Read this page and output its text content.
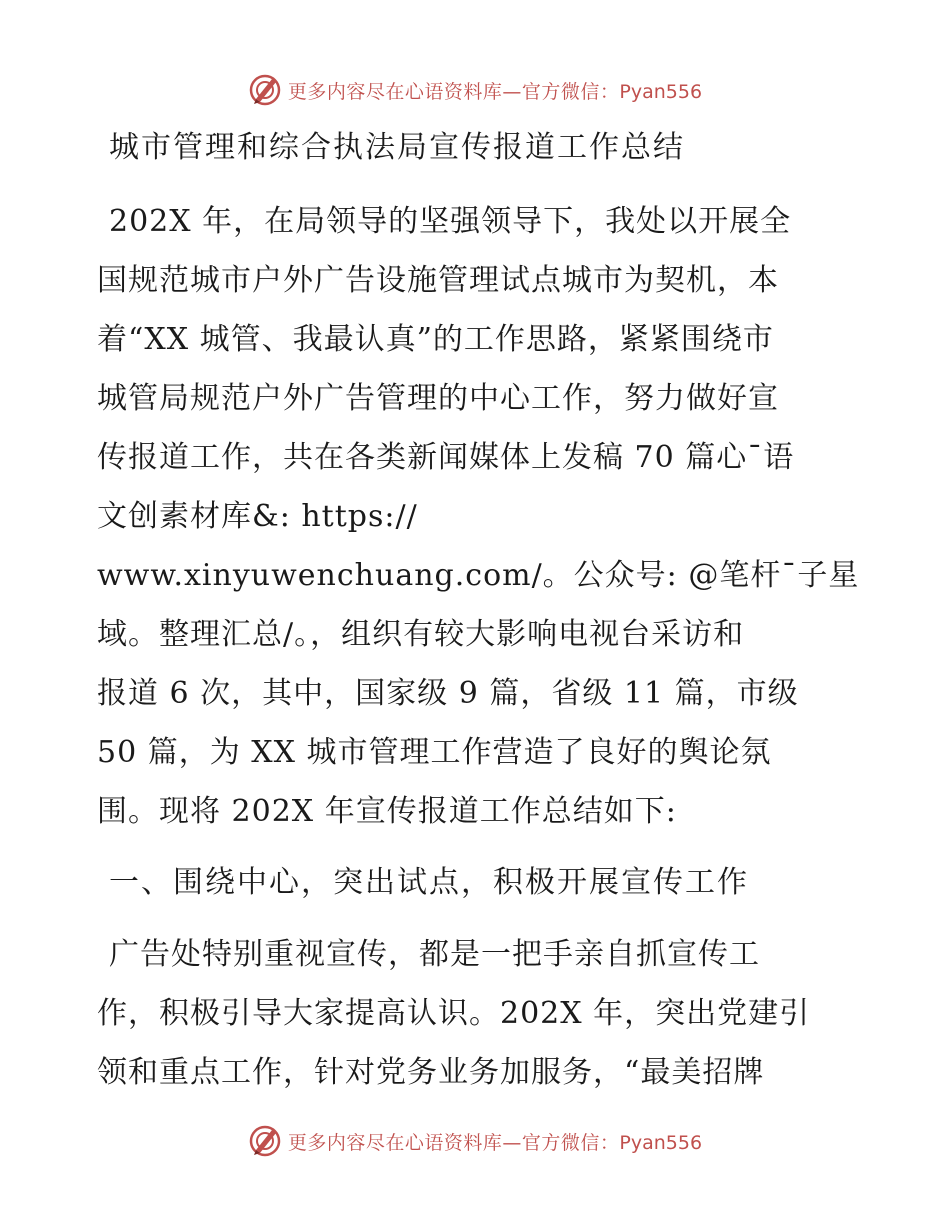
更多内容尽在心语资料库—官方微信：Pyan556
城市管理和综合执法局宣传报道工作总结
202X 年，在局领导的坚强领导下，我处以开展全
国规范城市户外广告设施管理试点城市为契机，本
着“XX 城管、我最认真”的工作思路，紧紧围绕市
城管局规范户外广告管理的中心工作，努力做好宣
传报道工作，共在各类新闻媒体上发稿 70 篇心¯语
文创素材库&: https://
www.xinyuwenchuang.com/。公众号: @笔杆¯子星
域。整理汇总/。，组织有较大影响电视台采访和
报道 6 次，其中，国家级 9 篇，省级 11 篇，市级
50 篇，为 XX 城市管理工作营造了良好的舆论氛
围。现将 202X 年宣传报道工作总结如下:
一、围绕中心，突出试点，积极开展宣传工作
广告处特别重视宣传，都是一把手亲自抓宣传工
作，积极引导大家提高认识。202X 年，突出党建引
领和重点工作，针对党务业务加服务，“最美招牌
更多内容尽在心语资料库—官方微信：Pyan556
